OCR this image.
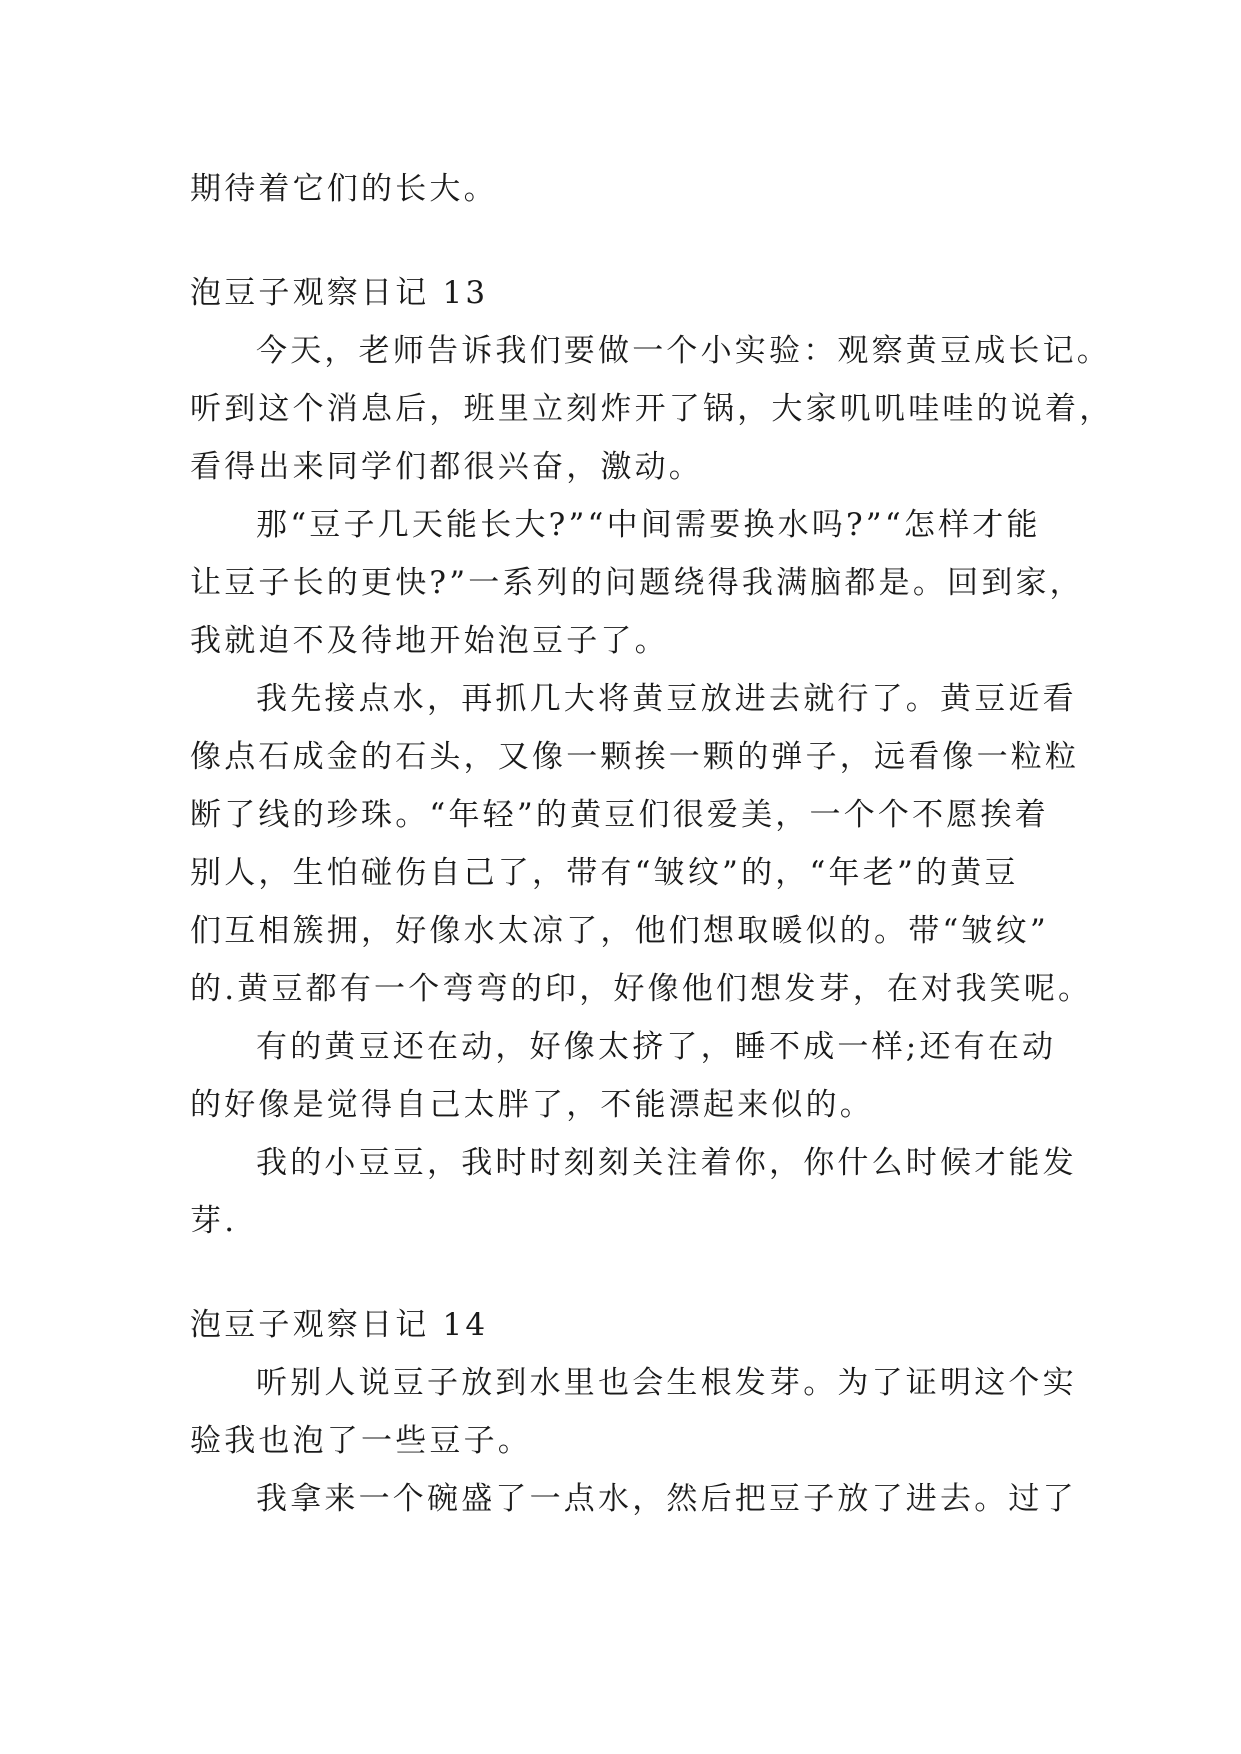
期待着它们的长大。
泡豆子观察日记 13
今天，老师告诉我们要做一个小实验：观察黄豆成长记。
听到这个消息后，班里立刻炸开了锅，大家叽叽哇哇的说着，
看得出来同学们都很兴奋，激动。
那“豆子几天能长大?”“中间需要换水吗?”“怎样才能
让豆子长的更快?”一系列的问题绕得我满脑都是。回到家，
我就迫不及待地开始泡豆子了。
我先接点水，再抓几大将黄豆放进去就行了。黄豆近看
像点石成金的石头，又像一颗挨一颗的弹子，远看像一粒粒
断了线的珍珠。“年轻”的黄豆们很爱美，一个个不愿挨着
别人，生怕碰伤自己了，带有“皱纹”的，“年老”的黄豆
们互相簇拥，好像水太凉了，他们想取暖似的。带“皱纹”
的.黄豆都有一个弯弯的印，好像他们想发芽，在对我笑呢。
有的黄豆还在动，好像太挤了，睡不成一样;还有在动
的好像是觉得自己太胖了，不能漂起来似的。
我的小豆豆，我时时刻刻关注着你，你什么时候才能发
芽.
泡豆子观察日记 14
听别人说豆子放到水里也会生根发芽。为了证明这个实
验我也泡了一些豆子。
我拿来一个碗盛了一点水，然后把豆子放了进去。过了
